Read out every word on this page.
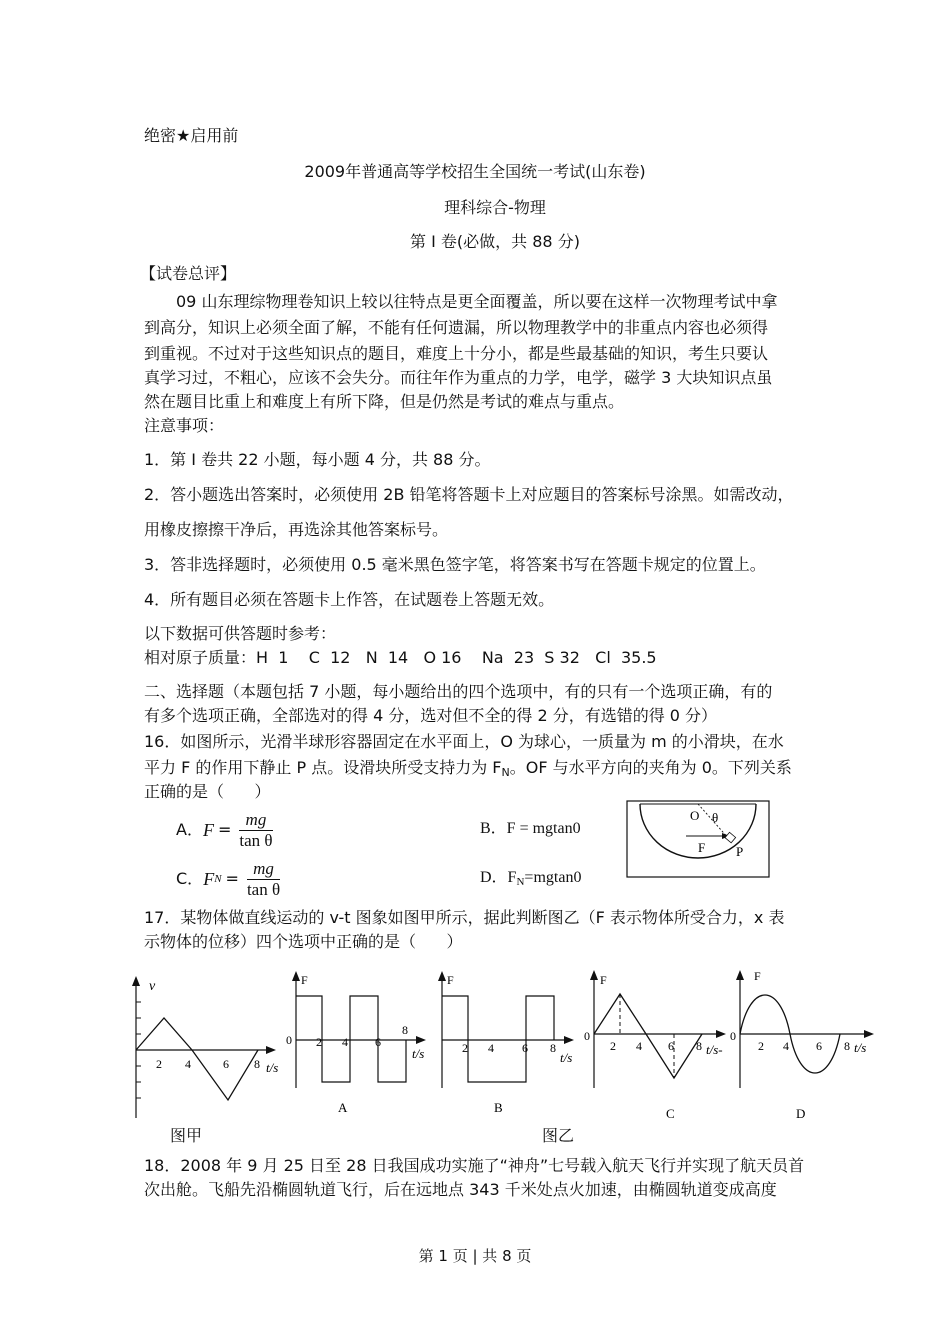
绝密★启用前
2009年普通高等学校招生全国统一考试(山东卷)
理科综合-物理
第 I 卷(必做，共 88 分)
【试卷总评】
09 山东理综物理卷知识上较以往特点是更全面覆盖，所以要在这样一次物理考试中拿
到高分，知识上必须全面了解，不能有任何遗漏，所以物理教学中的非重点内容也必须得
到重视。不过对于这些知识点的题目，难度上十分小，都是些最基础的知识，考生只要认
真学习过，不粗心，应该不会失分。而往年作为重点的力学，电学，磁学 3 大块知识点虽
然在题目比重上和难度上有所下降，但是仍然是考试的难点与重点。
注意事项：
1．第 I 卷共 22 小题，每小题 4 分，共 88 分。
2．答小题选出答案时，必须使用 2B 铅笔将答题卡上对应题目的答案标号涂黑。如需改动，
用橡皮擦擦干净后，再选涂其他答案标号。
3．答非选择题时，必须使用 0.5 毫米黑色签字笔，将答案书写在答题卡规定的位置上。
4．所有题目必须在答题卡上作答，在试题卷上答题无效。
以下数据可供答题时参考：
相对原子质量：H  1    C  12   N  14   O 16    Na  23  S 32   Cl  35.5
二、选择题（本题包括 7 小题，每小题给出的四个选项中，有的只有一个选项正确，有的
有多个选项正确，全部选对的得 4 分，选对但不全的得 2 分，有选错的得 0 分）
16．如图所示，光滑半球形容器固定在水平面上，O 为球心，一质量为 m 的小滑块，在水
平力 F 的作用下静止 P 点。设滑块所受支持力为 $F_N$。OF 与水平方向的夹角为 0。下列关系
正确的是（      ）
A． $F = \frac{mg}{\text{tan θ}}$	B．F = mgtan0
C． F $N = \frac{mg}{\text{tan θ}}$	D．$F_N=mgtan0$
O θ
F P
17．某物体做直线运动的 v-t 图象如图甲所示，据此判断图乙（F 表示物体所受合力，x 表
示物体的位移）四个选项中正确的是（      ）
v
2 4	6 8 t/s
F
0 2 4 6
8
t/s
A
F
2 4 6 8
t/s
B
F
0
2 4 6 8 t/s-
C
F
0
2 4 6 8 t/s
D
图甲	图乙
18．2008 年 9 月 25 日至 28 日我国成功实施了“神舟”七号载入航天飞行并实现了航天员首
次出舱。飞船先沿椭圆轨道飞行，后在远地点 343 千米处点火加速，由椭圆轨道变成高度
第 1 页 | 共 8 页
